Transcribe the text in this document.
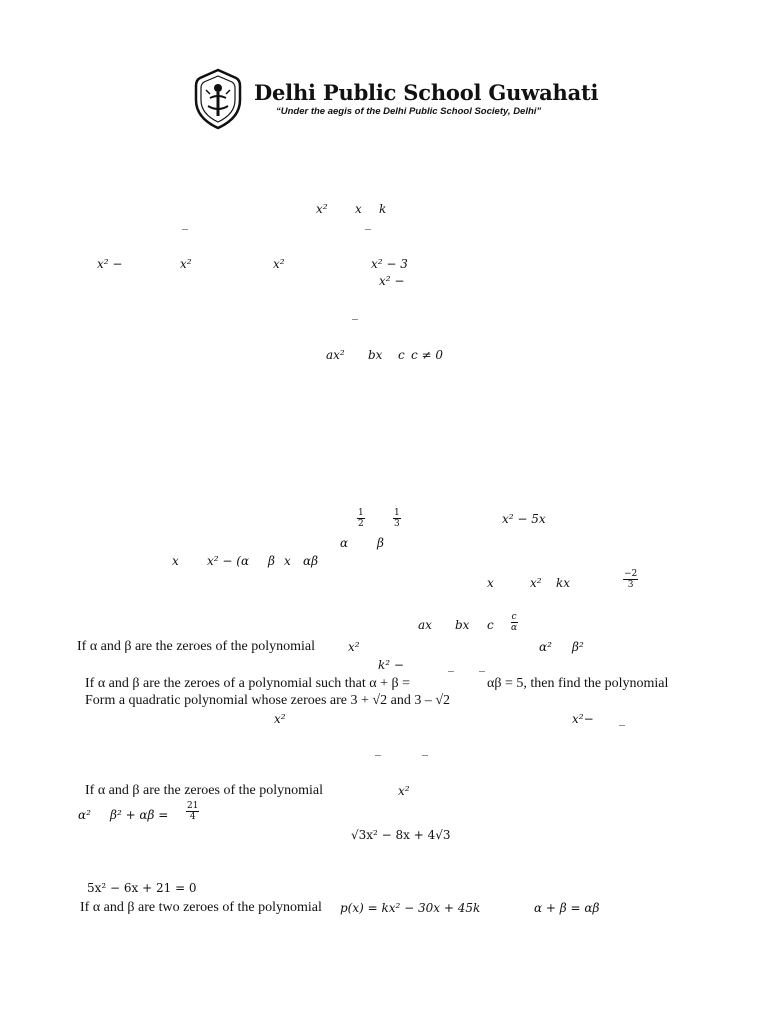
Delhi Public School Guwahati
“Under the aegis of the Delhi Public School Society, Delhi”
x² x k
_	_
x² −	x²	x²	x² − 3
x² −
_
ax² bx c c ≠ 0
$\frac{1}{2}$	$\frac{1}{3}$	x² − 5x
α β
x x² − (α β x αβ
x	x² kx	$\frac{-2}{3}$
ax bx c $\frac{c}{\alpha}$
If α and β are the zeroes of the polynomial	x²	α² β²
k² −	_ _
If α and β are the zeroes of a polynomial such that α + β =	αβ = 5, then find the polynomial
Form a quadratic polynomial whose zeroes are 3 + √2 and 3 – √2
x²	x²− _
_	_
If α and β are the zeroes of the polynomial	x²
α² $\beta^2 + \alpha\beta = \frac{21}{4}$
√3x² − 8x + 4√3
5x² − 6x + 21 = 0
If α and β are two zeroes of the polynomial p(x) = kx² − 30x + 45k	α + β = αβ
